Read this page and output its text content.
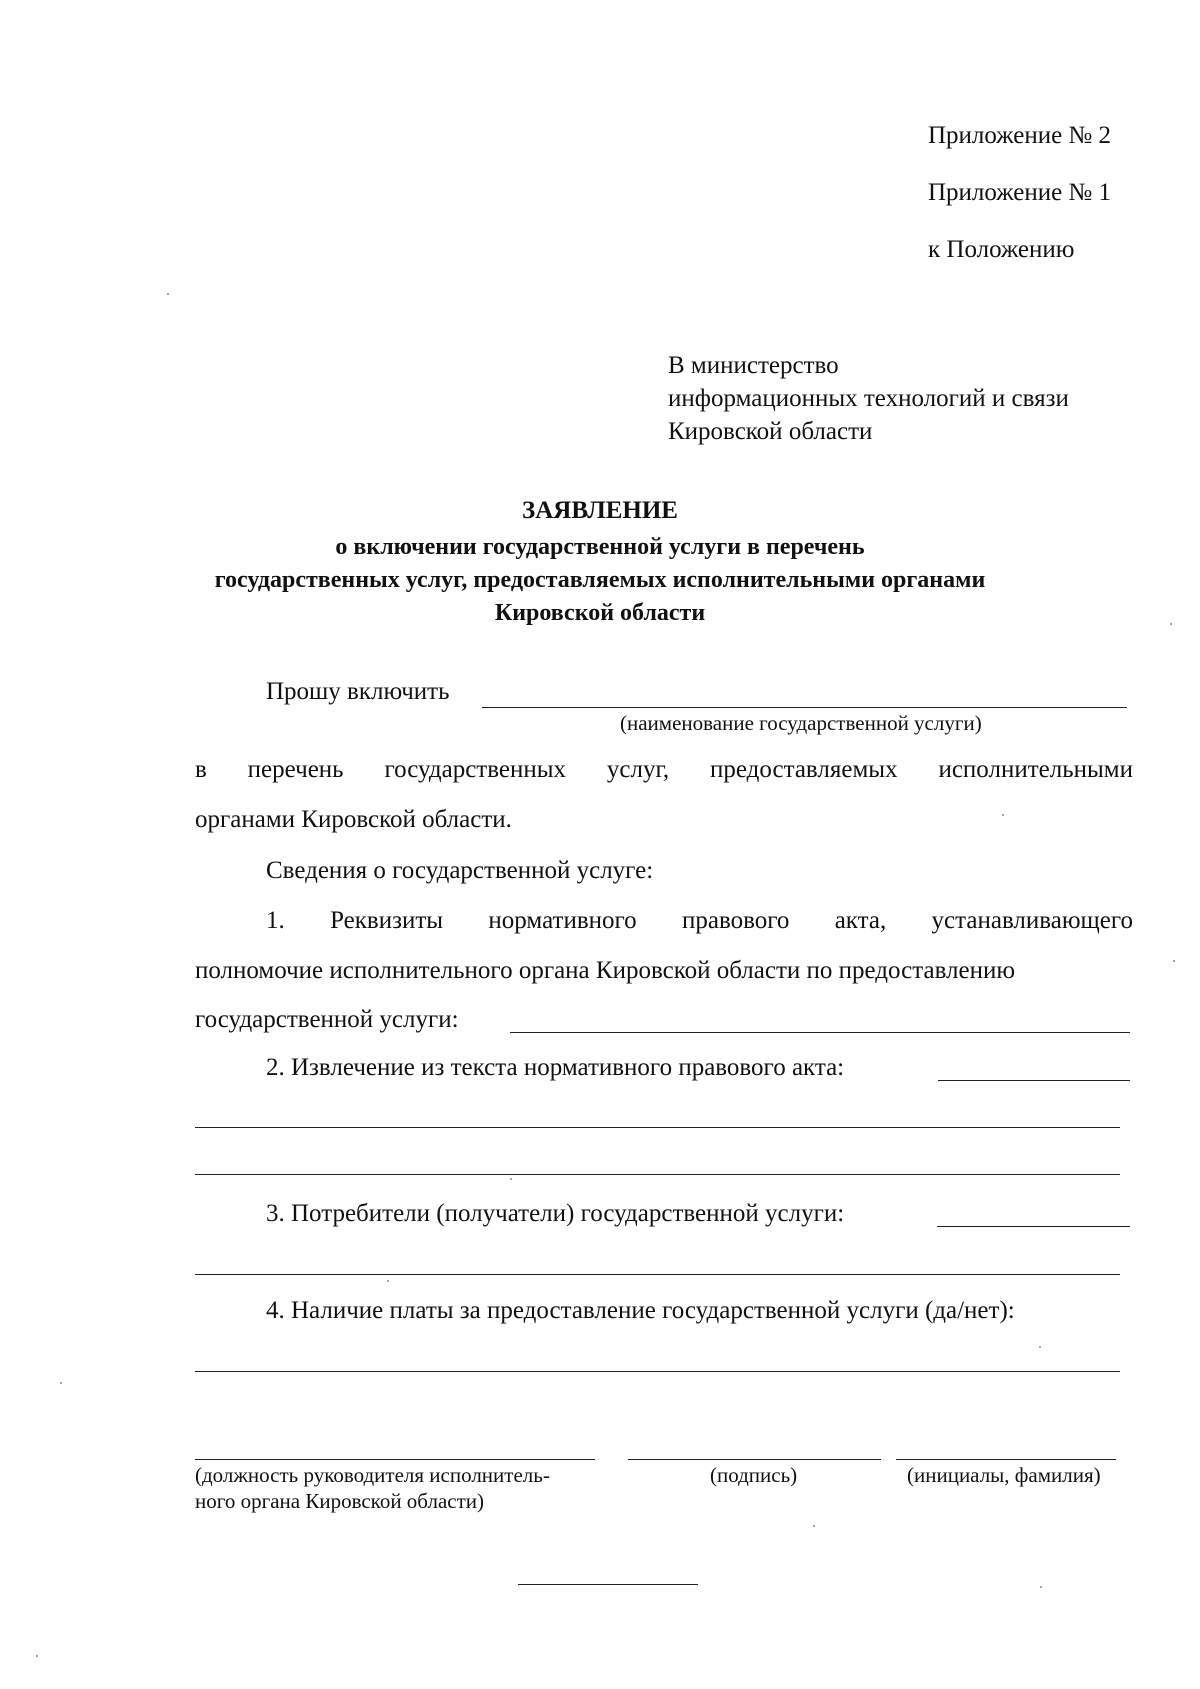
Приложение № 2
Приложение № 1
к Положению
В министерство
информационных технологий и связи
Кировской области
ЗАЯВЛЕНИЕ
о включении государственной услуги в перечень
государственных услуг, предоставляемых исполнительными органами
Кировской области
Прошу включить
(наименование государственной услуги)
в перечень государственных услуг, предоставляемых исполнительными
органами Кировской области.
Сведения о государственной услуге:
1. Реквизиты нормативного правового акта, устанавливающего
полномочие исполнительного органа Кировской области по предоставлению
государственной услуги:
2. Извлечение из текста нормативного правового акта:
3. Потребители (получатели) государственной услуги:
4. Наличие платы за предоставление государственной услуги (да/нет):
(должность руководителя исполнитель-
ного органа Кировской области)
(подпись)	(инициалы, фамилия)
